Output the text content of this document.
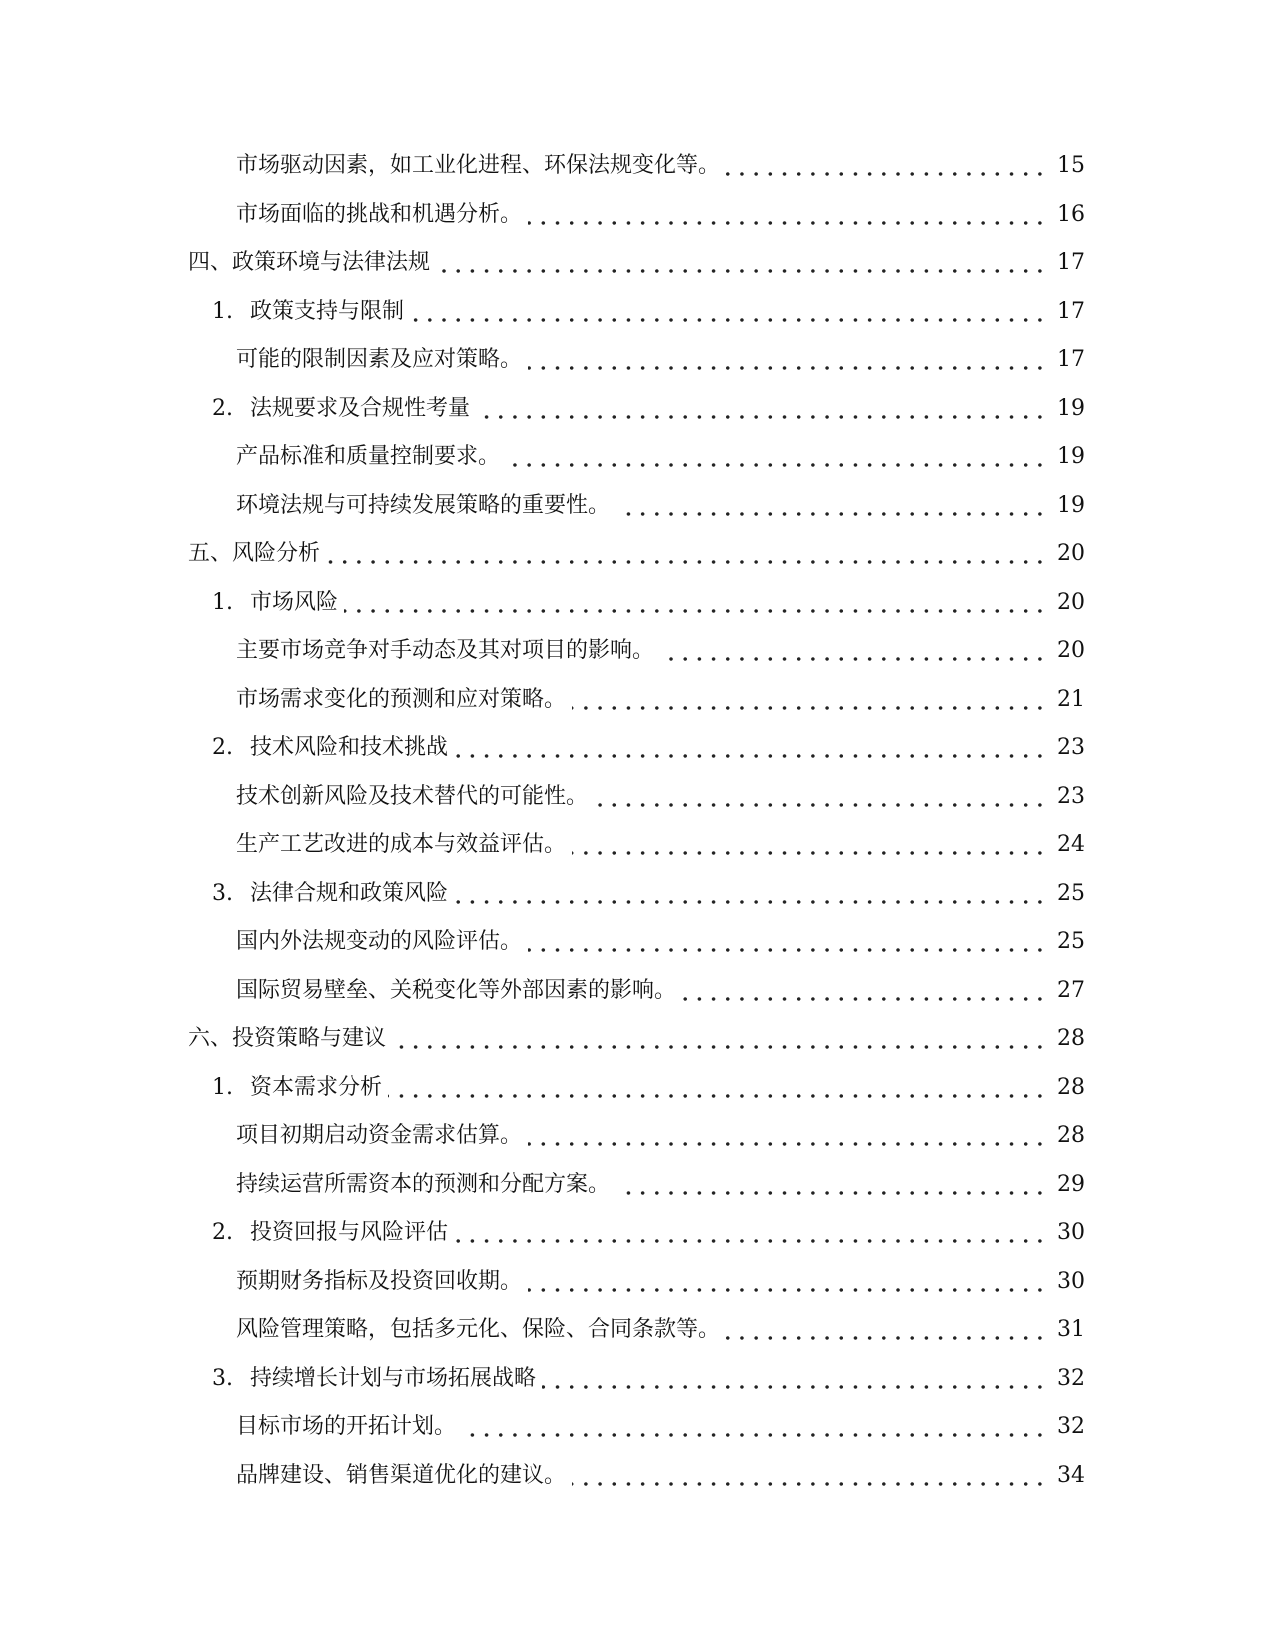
市场驱动因素，如工业化进程、环保法规变化等。	15
市场面临的挑战和机遇分析。	16
四、政策环境与法律法规	17
1. 政策支持与限制	17
可能的限制因素及应对策略。	17
2. 法规要求及合规性考量	19
产品标准和质量控制要求。	19
环境法规与可持续发展策略的重要性。	19
五、风险分析	20
1. 市场风险	20
主要市场竞争对手动态及其对项目的影响。	20
市场需求变化的预测和应对策略。	21
2. 技术风险和技术挑战	23
技术创新风险及技术替代的可能性。	23
生产工艺改进的成本与效益评估。	24
3. 法律合规和政策风险	25
国内外法规变动的风险评估。	25
国际贸易壁垒、关税变化等外部因素的影响。	27
六、投资策略与建议	28
1. 资本需求分析	28
项目初期启动资金需求估算。	28
持续运营所需资本的预测和分配方案。	29
2. 投资回报与风险评估	30
预期财务指标及投资回收期。	30
风险管理策略，包括多元化、保险、合同条款等。	31
3. 持续增长计划与市场拓展战略	32
目标市场的开拓计划。	32
品牌建设、销售渠道优化的建议。	34
